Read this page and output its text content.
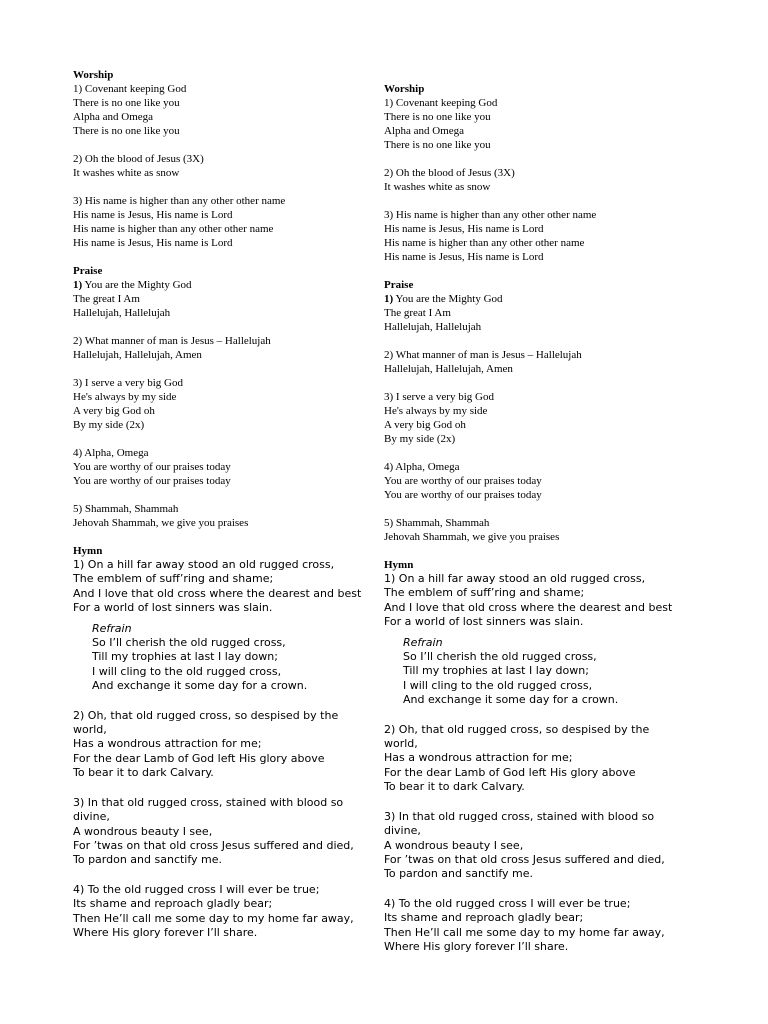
Worship
1) Covenant keeping God
There is no one like you
Alpha and Omega
There is no one like you
2) Oh the blood of Jesus (3X)
It washes white as snow
3) His name is higher than any other other name
His name is Jesus, His name is Lord
His name is higher than any other other name
His name is Jesus, His name is Lord
Praise
1) You are the Mighty God
The great I Am
Hallelujah, Hallelujah
2) What manner of man is Jesus – Hallelujah
Hallelujah, Hallelujah, Amen
3) I serve a very big God
He's always by my side
A very big God oh
By my side (2x)
4) Alpha, Omega
You are worthy of our praises today
You are worthy of our praises today
5) Shammah, Shammah
Jehovah Shammah, we give you praises
Hymn
1) On a hill far away stood an old rugged cross,
The emblem of suff’ring and shame;
And I love that old cross where the dearest and best
For a world of lost sinners was slain.
Refrain
So I’ll cherish the old rugged cross,
Till my trophies at last I lay down;
I will cling to the old rugged cross,
And exchange it some day for a crown.
2) Oh, that old rugged cross, so despised by the
world,
Has a wondrous attraction for me;
For the dear Lamb of God left His glory above
To bear it to dark Calvary.
3) In that old rugged cross, stained with blood so
divine,
A wondrous beauty I see,
For ’twas on that old cross Jesus suffered and died,
To pardon and sanctify me.
4) To the old rugged cross I will ever be true;
Its shame and reproach gladly bear;
Then He’ll call me some day to my home far away,
Where His glory forever I’ll share.
Worship
1) Covenant keeping God
There is no one like you
Alpha and Omega
There is no one like you
2) Oh the blood of Jesus (3X)
It washes white as snow
3) His name is higher than any other other name
His name is Jesus, His name is Lord
His name is higher than any other other name
His name is Jesus, His name is Lord
Praise
1) You are the Mighty God
The great I Am
Hallelujah, Hallelujah
2) What manner of man is Jesus – Hallelujah
Hallelujah, Hallelujah, Amen
3) I serve a very big God
He's always by my side
A very big God oh
By my side (2x)
4) Alpha, Omega
You are worthy of our praises today
You are worthy of our praises today
5) Shammah, Shammah
Jehovah Shammah, we give you praises
Hymn
1) On a hill far away stood an old rugged cross,
The emblem of suff’ring and shame;
And I love that old cross where the dearest and best
For a world of lost sinners was slain.
Refrain
So I’ll cherish the old rugged cross,
Till my trophies at last I lay down;
I will cling to the old rugged cross,
And exchange it some day for a crown.
2) Oh, that old rugged cross, so despised by the
world,
Has a wondrous attraction for me;
For the dear Lamb of God left His glory above
To bear it to dark Calvary.
3) In that old rugged cross, stained with blood so
divine,
A wondrous beauty I see,
For ’twas on that old cross Jesus suffered and died,
To pardon and sanctify me.
4) To the old rugged cross I will ever be true;
Its shame and reproach gladly bear;
Then He’ll call me some day to my home far away,
Where His glory forever I’ll share.
